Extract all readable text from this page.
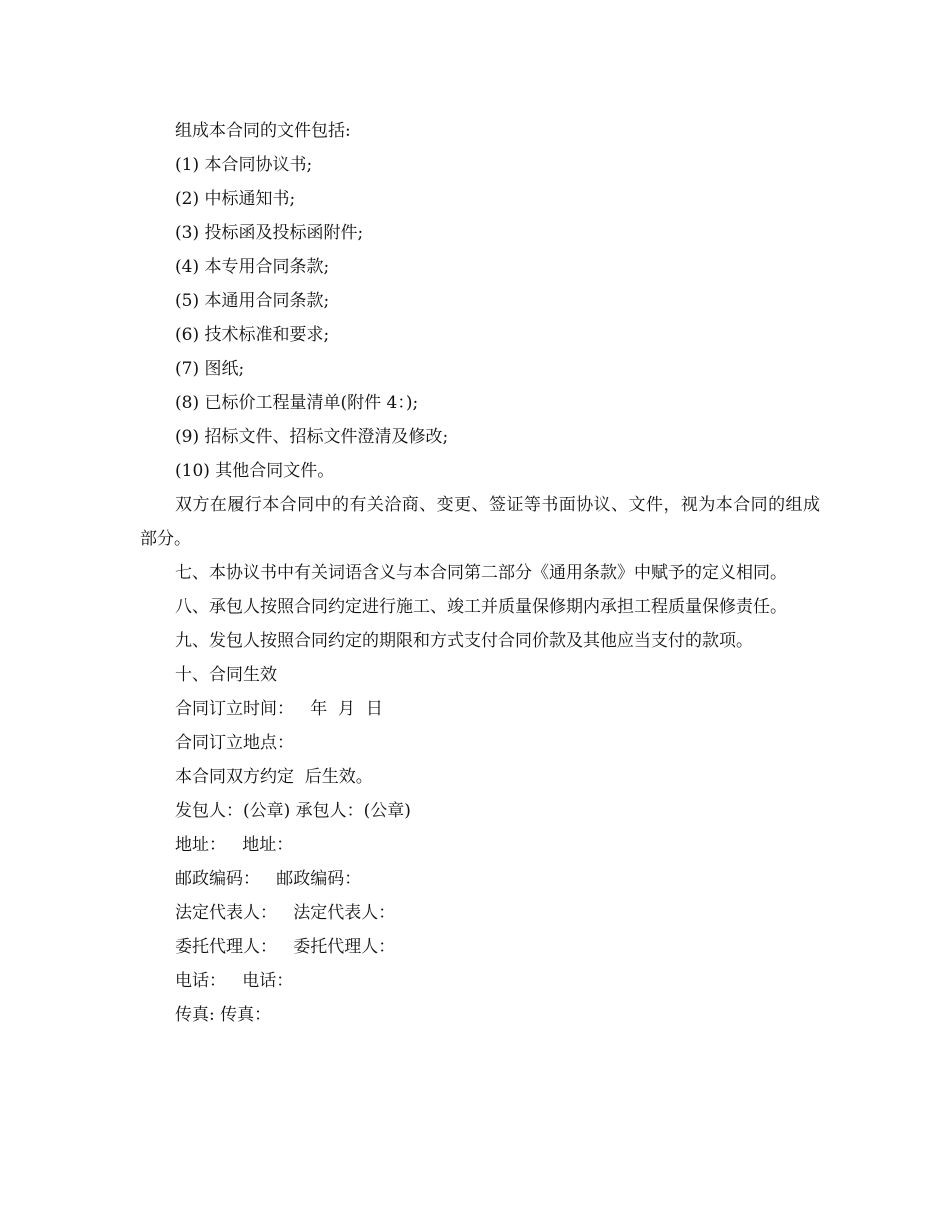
组成本合同的文件包括:
(1) 本合同协议书;
(2) 中标通知书;
(3) 投标函及投标函附件;
(4) 本专用合同条款;
(5) 本通用合同条款;
(6) 技术标准和要求;
(7) 图纸;
(8) 已标价工程量清单(附件 4：);
(9) 招标文件、招标文件澄清及修改;
(10) 其他合同文件。
双方在履行本合同中的有关洽商、变更、签证等书面协议、文件，视为本合同的组成部分。
七、本协议书中有关词语含义与本合同第二部分《通用条款》中赋予的定义相同。
八、承包人按照合同约定进行施工、竣工并质量保修期内承担工程质量保修责任。
九、发包人按照合同约定的期限和方式支付合同价款及其他应当支付的款项。
十、合同生效
合同订立时间：   年  月  日
合同订立地点：
本合同双方约定  后生效。
发包人：(公章) 承包人：(公章)
地址：   地址：
邮政编码：   邮政编码：
法定代表人：   法定代表人：
委托代理人：   委托代理人：
电话：   电话：
传真: 传真：
